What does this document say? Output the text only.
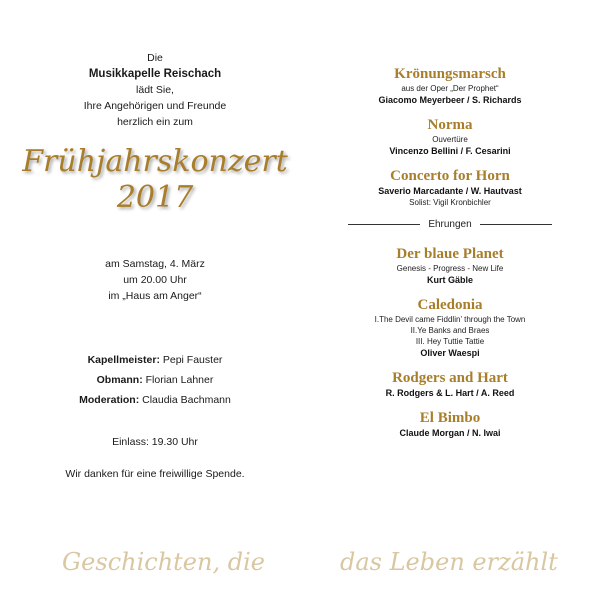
Die
Musikkapelle Reischach
lädt Sie,
Ihre Angehörigen und Freunde
herzlich ein zum
Frühjahrskonzert
2017
am Samstag, 4. März
um 20.00 Uhr
im „Haus am Anger“
Kapellmeister: Pepi Fauster
Obmann: Florian Lahner
Moderation: Claudia Bachmann
Einlass: 19.30 Uhr
Wir danken für eine freiwillige Spende.
Krönungsmarsch
aus der Oper „Der Prophet“
Giacomo Meyerbeer / S. Richards
Norma
Ouvertüre
Vincenzo Bellini / F. Cesarini
Concerto for Horn
Saverio Marcadante / W. Hautvast
Solist: Vigil Kronbichler
Ehrungen
Der blaue Planet
Genesis - Progress - New Life
Kurt Gäble
Caledonia
I.The Devil came Fiddlin’ through the Town
II.Ye Banks and Braes
III. Hey Tuttie Tattie
Oliver Waespi
Rodgers and Hart
R. Rodgers & L. Hart / A. Reed
El Bimbo
Claude Morgan / N. Iwai
Geschichten, die	das Leben erzählt
